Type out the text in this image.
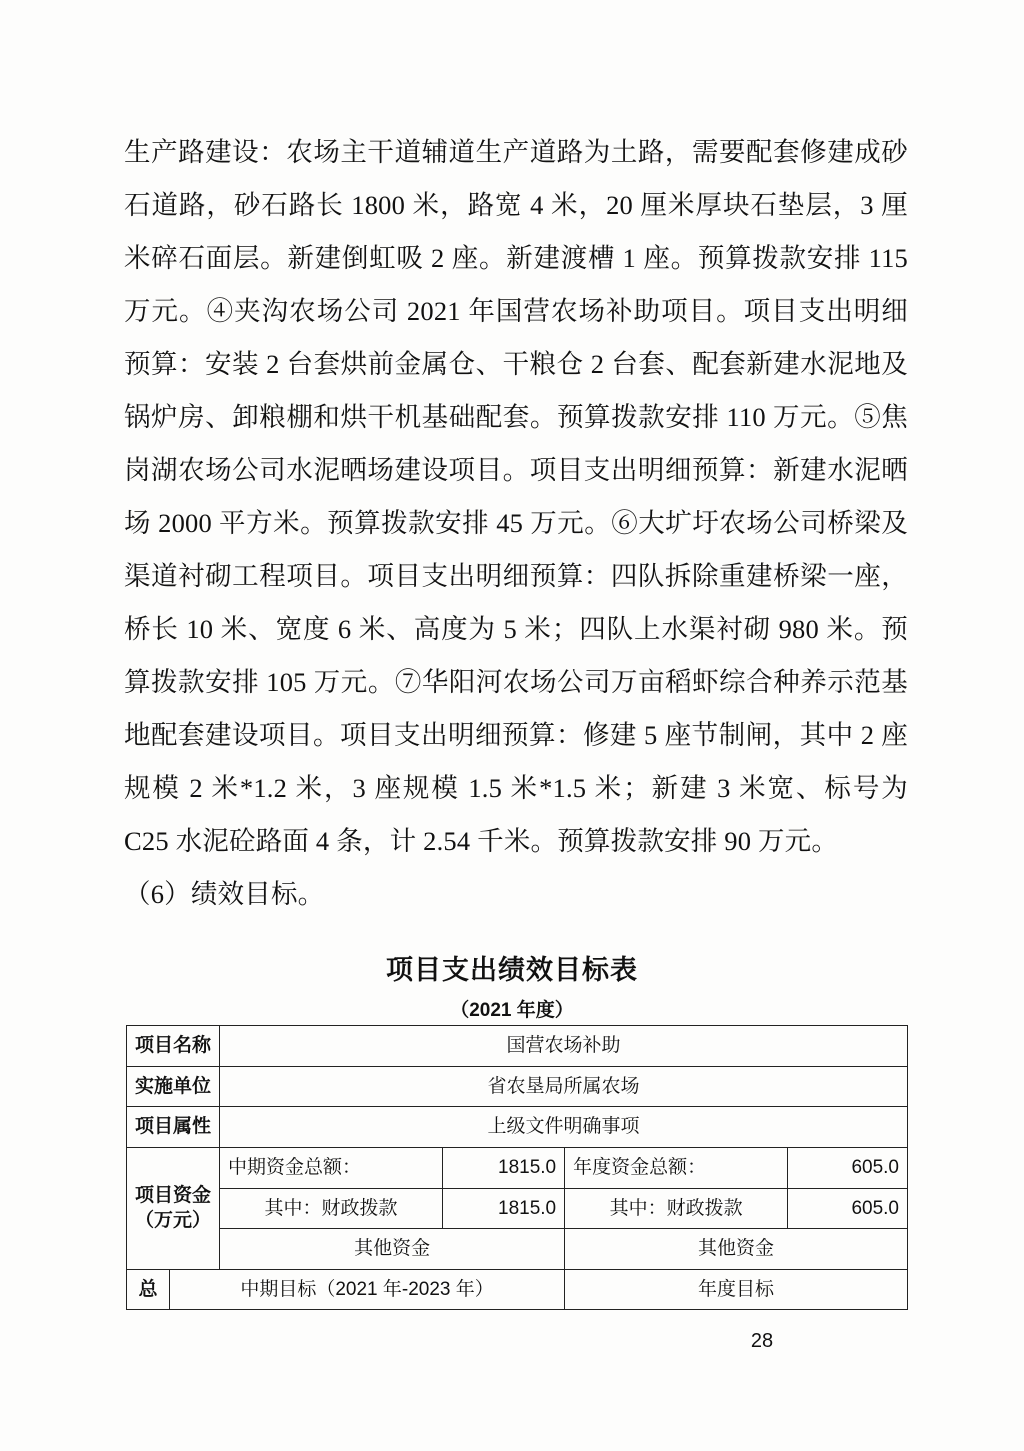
生产路建设：农场主干道辅道生产道路为土路，需要配套修建成砂石道路，砂石路长 1800 米，路宽 4 米，20 厘米厚块石垫层，3 厘米碎石面层。新建倒虹吸 2 座。新建渡槽 1 座。预算拨款安排 115 万元。④夹沟农场公司 2021 年国营农场补助项目。项目支出明细预算：安装 2 台套烘前金属仓、干粮仓 2 台套、配套新建水泥地及锅炉房、卸粮棚和烘干机基础配套。预算拨款安排 110 万元。⑤焦岗湖农场公司水泥晒场建设项目。项目支出明细预算：新建水泥晒场 2000 平方米。预算拨款安排 45 万元。⑥大圹圩农场公司桥梁及渠道衬砌工程项目。项目支出明细预算：四队拆除重建桥梁一座，桥长 10 米、宽度 6 米、高度为 5 米；四队上水渠衬砌 980 米。预算拨款安排 105 万元。⑦华阳河农场公司万亩稻虾综合种养示范基地配套建设项目。项目支出明细预算：修建 5 座节制闸，其中 2 座规模 2 米*1.2 米，3 座规模 1.5 米*1.5 米；新建 3 米宽、标号为 C25 水泥砼路面 4 条，计 2.54 千米。预算拨款安排 90 万元。

（6）绩效目标。

项目支出绩效目标表
（2021 年度）
项目名称		国营农场补助			
实施单位		省农垦局所属农场			
项目属性		上级文件明确事项			

项目资金
（万元）		中期资金总额：	1815.0	年度资金总额：	605.0
		其中：财政拨款	1815.0	其中：财政拨款	605.0
		其他资金		其他资金	
总	中期目标（2021 年-2023 年）			年度目标	
28
